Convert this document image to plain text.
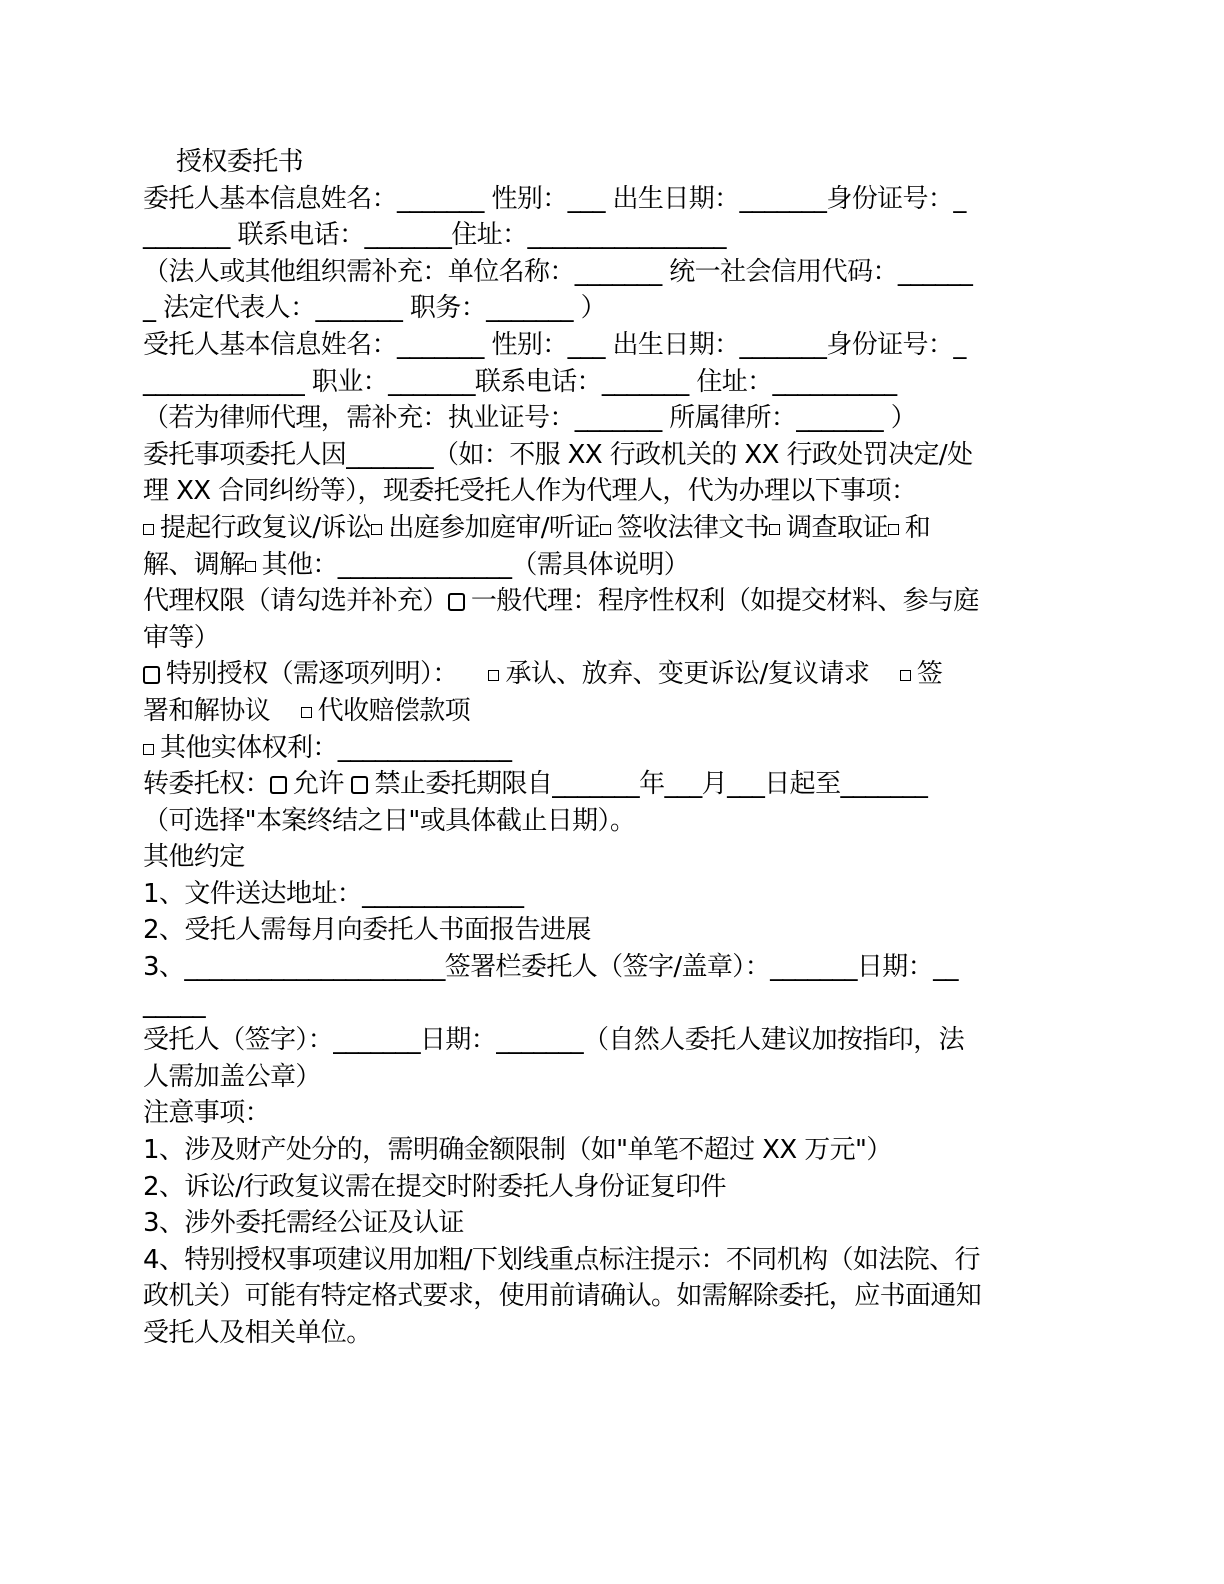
授权委托书
委托人基本信息姓名：_______ 性别：___ 出生日期：_______身份证号：_
_______ 联系电话：_______住址：________________
（法人或其他组织需补充：单位名称：_______ 统一社会信用代码：______
_ 法定代表人：_______ 职务：_______ ）
受托人基本信息姓名：_______ 性别：___ 出生日期：_______身份证号：_
_____________ 职业：_______联系电话：_______ 住址：__________
（若为律师代理，需补充：执业证号：_______ 所属律所：_______ ）
委托事项委托人因_______（如：不服 XX 行政机关的 XX 行政处罚决定/处
理 XX 合同纠纷等），现委托受托人作为代理人，代为办理以下事项：
提起行政复议/诉讼 出庭参加庭审/听证 签收法律文书 调查取证 和
解、调解 其他：______________（需具体说明）
代理权限（请勾选并补充） 一般代理：程序性权利（如提交材料、参与庭
审等）
特别授权（需逐项列明）：    承认、放弃、变更诉讼/复议请求    签
署和解协议    代收赔偿款项
其他实体权利：______________
转委托权： 允许 禁止委托期限自_______年___月___日起至_______
（可选择"本案终结之日"或具体截止日期）。
其他约定
1、文件送达地址：_____________
2、受托人需每月向委托人书面报告进展
3、_____________________签署栏委托人（签字/盖章）：_______日期：__
_____
受托人（签字）：_______日期：_______（自然人委托人建议加按指印，法
人需加盖公章）
注意事项：
1、涉及财产处分的，需明确金额限制（如"单笔不超过 XX 万元"）
2、诉讼/行政复议需在提交时附委托人身份证复印件
3、涉外委托需经公证及认证
4、特别授权事项建议用加粗/下划线重点标注提示：不同机构（如法院、行
政机关）可能有特定格式要求，使用前请确认。如需解除委托，应书面通知
受托人及相关单位。
